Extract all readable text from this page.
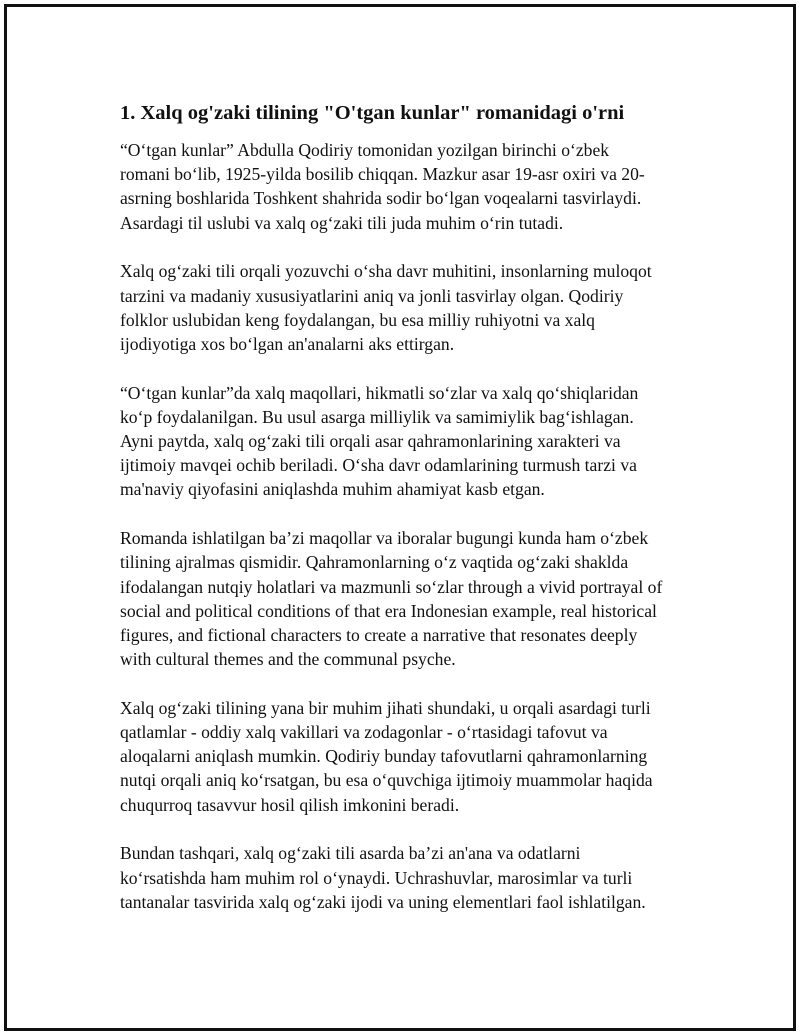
1. Xalq og'zaki tilining "O'tgan kunlar" romanidagi o'rni

“O‘tgan kunlar” Abdulla Qodiriy tomonidan yozilgan birinchi o‘zbek
romani bo‘lib, 1925-yilda bosilib chiqqan. Mazkur asar 19-asr oxiri va 20-
asrning boshlarida Toshkent shahrida sodir bo‘lgan voqealarni tasvirlaydi.
Asardagi til uslubi va xalq og‘zaki tili juda muhim o‘rin tutadi.

Xalq og‘zaki tili orqali yozuvchi o‘sha davr muhitini, insonlarning muloqot
tarzini va madaniy xususiyatlarini aniq va jonli tasvirlay olgan. Qodiriy
folklor uslubidan keng foydalangan, bu esa milliy ruhiyotni va xalq
ijodiyotiga xos bo‘lgan an'analarni aks ettirgan.

“O‘tgan kunlar”da xalq maqollari, hikmatli so‘zlar va xalq qo‘shiqlaridan
ko‘p foydalanilgan. Bu usul asarga milliylik va samimiylik bag‘ishlagan.
Ayni paytda, xalq og‘zaki tili orqali asar qahramonlarining xarakteri va
ijtimoiy mavqei ochib beriladi. O‘sha davr odamlarining turmush tarzi va
ma'naviy qiyofasini aniqlashda muhim ahamiyat kasb etgan.

Romanda ishlatilgan ba’zi maqollar va iboralar bugungi kunda ham o‘zbek
tilining ajralmas qismidir. Qahramonlarning o‘z vaqtida og‘zaki shaklda
ifodalangan nutqiy holatlari va mazmunli so‘zlar through a vivid portrayal of
social and political conditions of that era Indonesian example, real historical
figures, and fictional characters to create a narrative that resonates deeply
with cultural themes and the communal psyche.

Xalq og‘zaki tilining yana bir muhim jihati shundaki, u orqali asardagi turli
qatlamlar - oddiy xalq vakillari va zodagonlar - o‘rtasidagi tafovut va
aloqalarni aniqlash mumkin. Qodiriy bunday tafovutlarni qahramonlarning
nutqi orqali aniq ko‘rsatgan, bu esa o‘quvchiga ijtimoiy muammolar haqida
chuqurroq tasavvur hosil qilish imkonini beradi.

Bundan tashqari, xalq og‘zaki tili asarda ba’zi an'ana va odatlarni
ko‘rsatishda ham muhim rol o‘ynaydi. Uchrashuvlar, marosimlar va turli
tantanalar tasvirida xalq og‘zaki ijodi va uning elementlari faol ishlatilgan.
